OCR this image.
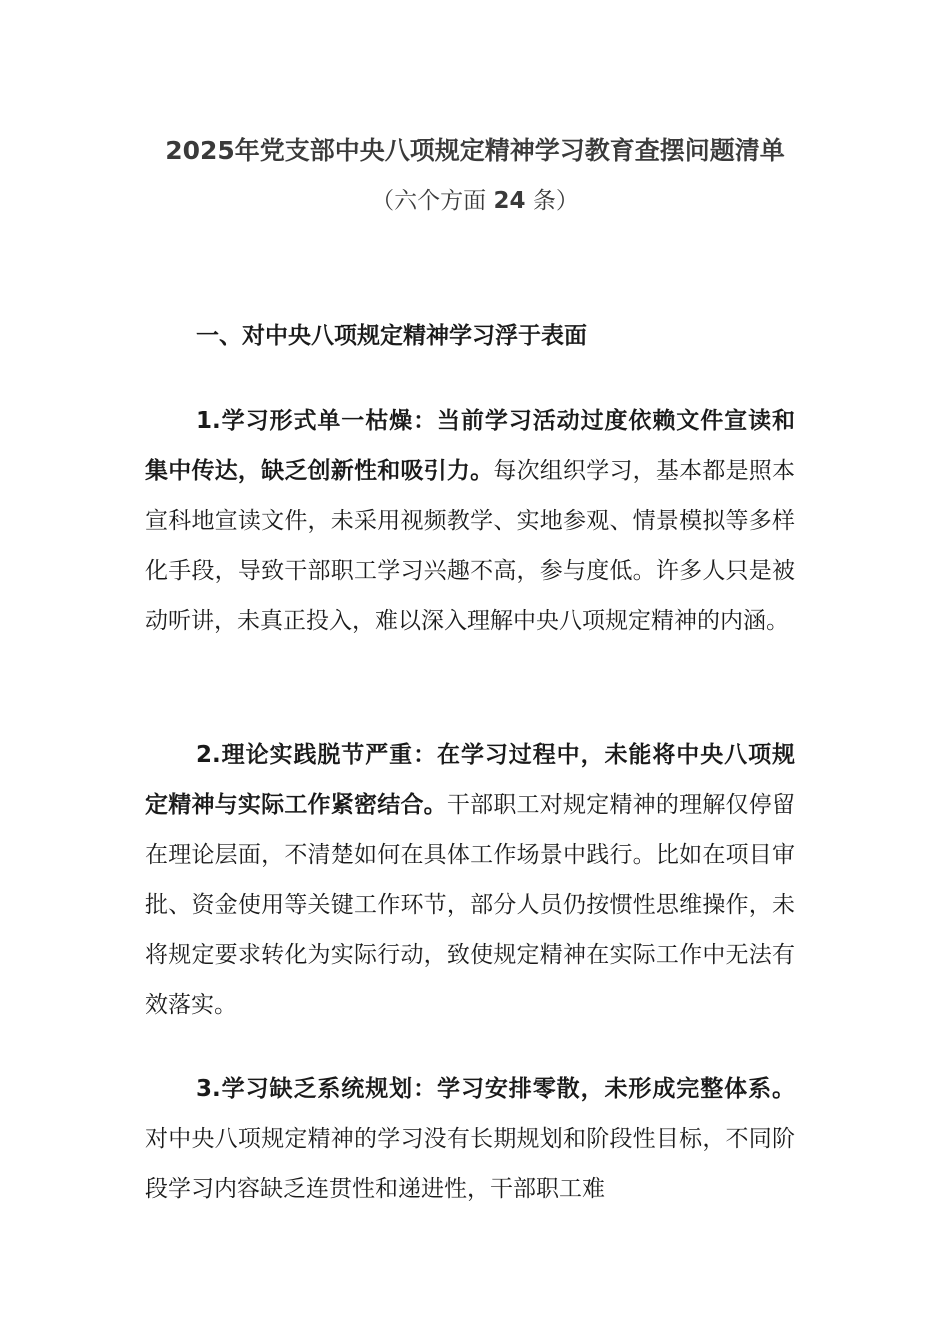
2025年党支部中央八项规定精神学习教育查摆问题清单
（六个方面 24 条）
一、对中央八项规定精神学习浮于表面

1.学习形式单一枯燥：当前学习活动过度依赖文件宣读和集中传达，缺乏创新性和吸引力。每次组织学习，基本都是照本宣科地宣读文件，未采用视频教学、实地参观、情景模拟等多样化手段，导致干部职工学习兴趣不高，参与度低。许多人只是被动听讲，未真正投入，难以深入理解中央八项规定精神的内涵。

2.理论实践脱节严重：在学习过程中，未能将中央八项规定精神与实际工作紧密结合。干部职工对规定精神的理解仅停留在理论层面，不清楚如何在具体工作场景中践行。比如在项目审批、资金使用等关键工作环节，部分人员仍按惯性思维操作，未将规定要求转化为实际行动，致使规定精神在实际工作中无法有效落实。

3.学习缺乏系统规划：学习安排零散，未形成完整体系。对中央八项规定精神的学习没有长期规划和阶段性目标，不同阶段学习内容缺乏连贯性和递进性，干部职工难
